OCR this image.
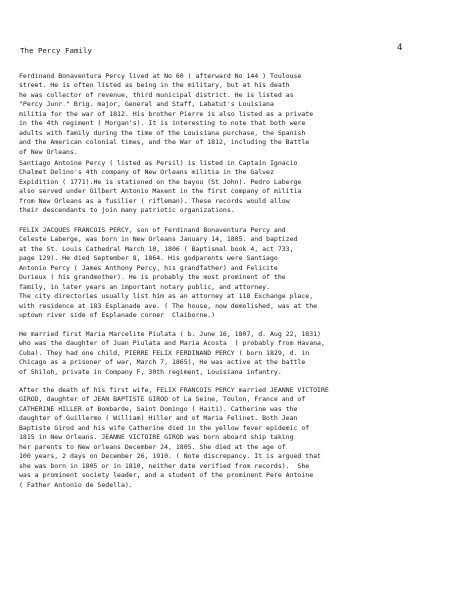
The Percy Family	4
Ferdinand Bonaventura Percy lived at No 60 ( afterward No 144 ) Toulouse
street. He is often listed as being in the military, but at his death
he was collector of revenue, third municipal district. He is listed as
"Percy Junr." Brig. major, General and Staff, Labatut's Louisiana
militia for the war of 1812. His brother Pierre is also listed as a private
in the 4th regiment ( Morgan's). It is interesting to note that both were
adults with family during the time of the Louisiana purchase, the Spanish
and the American colonial times, and the War of 1812, including the Battle
of New Orleans.
Santiago Antoine Percy ( listed as Persil) is listed in Captain Ignacio
Chalmet Delino's 4th company of New Orleans militia in the Galvez
Expidition ( 1771).He is stationed on the bayou (St John). Pedro Laberge
also served under Gilbert Antonio Maxent in the first company of militia
from New Orleans as a fusilier ( rifleman). These records would allow
their descendants to join many patriotic organizations.
FELIX JACQUES FRANCOIS PERCY, son of Ferdinand Bonaventura Percy and
Celeste Laberge, was born in New Orleans January 14, 1805. and baptized
at the St. Louis Cathedral March 10, 1806 ( Baptismal book 4, act 733,
page 129). He died September 8, 1864. His godparents were Santiago
Antonio Percy ( James Anthony Percy, his grandfather) and Felicite
Durieux ( his grandmother). He is probably the most prominent of the
family, in later years an important notary public, and attorney.
The city directories usually list him as an attorney at 118 Exchange place,
with residence at 183 Esplanade ave. ( The house, now demolished, was at the
uptown river side of Esplanade corner  Claiborne.)
He married first Maria Marcelite Piulata ( b. June 16, 1807, d. Aug 22, 1831)
who was the daughter of Juan Piulata and Maria Acosta  ( probably from Havana,
Cuba). They had one child, PIERRE FELIX FERDINAND PERCY ( born 1829, d. in
Chicago as a prisoner of war, March 7, 1865), He was active at the battle
of Shiloh, private in Company F, 30th regiment, Louisiana infantry.
After the death of his first wife, FELIX FRANCOIS PERCY married JEANNE VICTOIRE
GIROD, daughter of JEAN BAPTISTE GIROD of La Seine, Toulon, France and of
CATHERINE HILLER of Bombarde, Saint Domingo ( Haiti). Catherine was the
daughter of Guillermo ( William) Hiller and of Maria Felinet. Both Jean
Baptiste Girod and his wife Catherine died in the yellow fever epidemic of
1815 in New Orleans. JEANNE VICTOIRE GIROD was born aboard ship taking
her parents to New orleans December 24, 1805. She died at the age of
100 years, 2 days on December 26, 1910. ( Note discrepancy. It is argued that
she was born in 1805 or in 1810, neither date verified from records).  She
was a prominent society leader, and a student of the prominent Pere Antoine
( Father Antonio de Sedella).
